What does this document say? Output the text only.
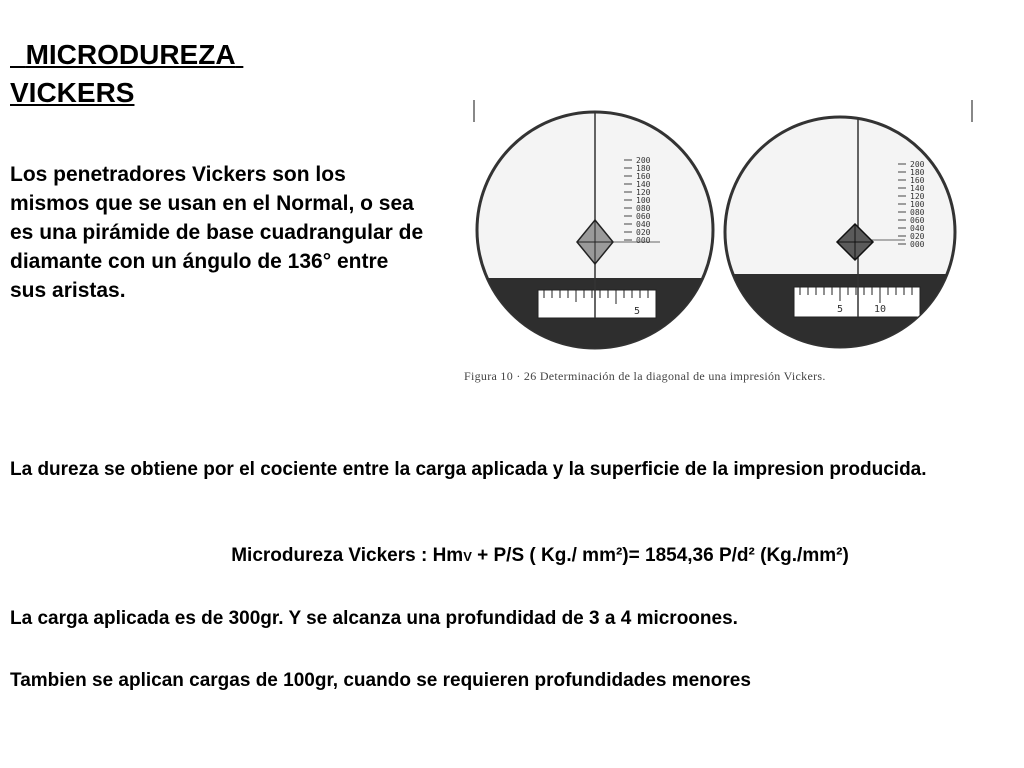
MICRODUREZA VICKERS

Los penetradores Vickers son los mismos que se usan en el Normal, o sea es una pirámide de base cuadrangular de diamante con un ángulo de 136° entre sus aristas.

200
180
160
140
120
100
080
060
040
020
000
5
200
180
160
140
120
100
080
060
040
020
000
5	10
Figura 10 · 26 Determinación de la diagonal de una impresión Vickers.

La dureza se obtiene por el cociente entre la carga aplicada y la superficie de la impresion producida.

Microdureza Vickers : HmV + P/S ( Kg./ mm²)= 1854,36 P/d² (Kg./mm²)

La carga aplicada es de 300gr. Y se alcanza una profundidad de 3 a 4 microones.

Tambien se aplican cargas de 100gr, cuando se requieren profundidades menores
